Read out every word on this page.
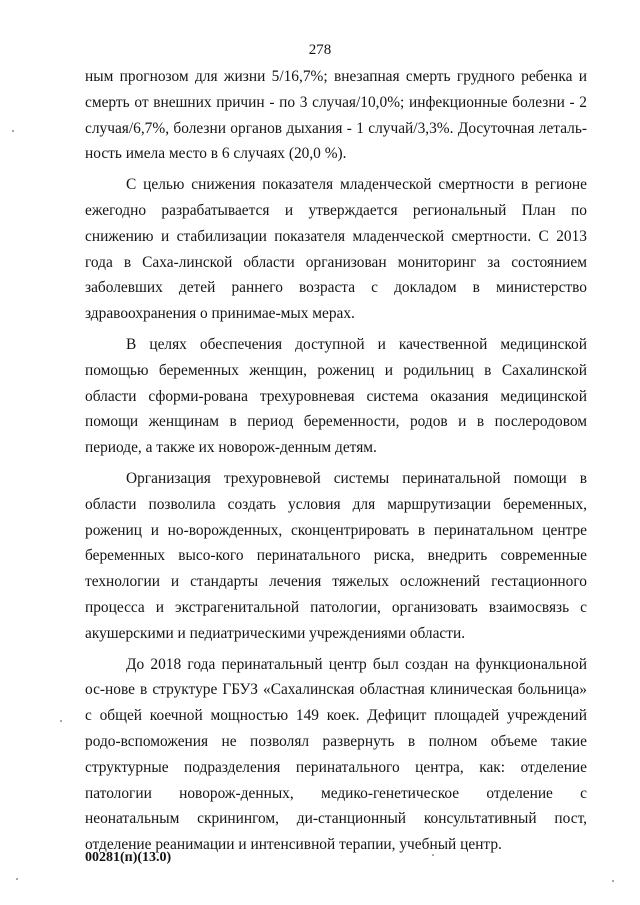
278

ным прогнозом для жизни 5/16,7%; внезапная смерть грудного ребенка и смерть от внешних причин - по 3 случая/10,0%; инфекционные болезни - 2 случая/6,7%, болезни органов дыхания - 1 случай/3,3%. Досуточная леталь-ность имела место в 6 случаях (20,0 %).

С целью снижения показателя младенческой смертности в регионе ежегодно разрабатывается и утверждается региональный План по снижению и стабилизации показателя младенческой смертности. С 2013 года в Саха-линской области организован мониторинг за состоянием заболевших детей раннего возраста с докладом в министерство здравоохранения о принимае-мых мерах.

В целях обеспечения доступной и качественной медицинской помощью беременных женщин, рожениц и родильниц в Сахалинской области сформи-рована трехуровневая система оказания медицинской помощи женщинам в период беременности, родов и в послеродовом периоде, а также их новорож-денным детям.

Организация трехуровневой системы перинатальной помощи в области позволила создать условия для маршрутизации беременных, рожениц и но-ворожденных, сконцентрировать в перинатальном центре беременных высо-кого перинатального риска, внедрить современные технологии и стандарты лечения тяжелых осложнений гестационного процесса и экстрагенитальной патологии, организовать взаимосвязь с акушерскими и педиатрическими учреждениями области.

До 2018 года перинатальный центр был создан на функциональной ос-нове в структуре ГБУЗ «Сахалинская областная клиническая больница» с общей коечной мощностью 149 коек. Дефицит площадей учреждений родо-вспоможения не позволял развернуть в полном объеме такие структурные подразделения перинатального центра, как: отделение патологии новорож-денных, медико-генетическое отделение с неонатальным скринингом, ди-станционный консультативный пост, отделение реанимации и интенсивной терапии, учебный центр.

00281(п)(13.0)
